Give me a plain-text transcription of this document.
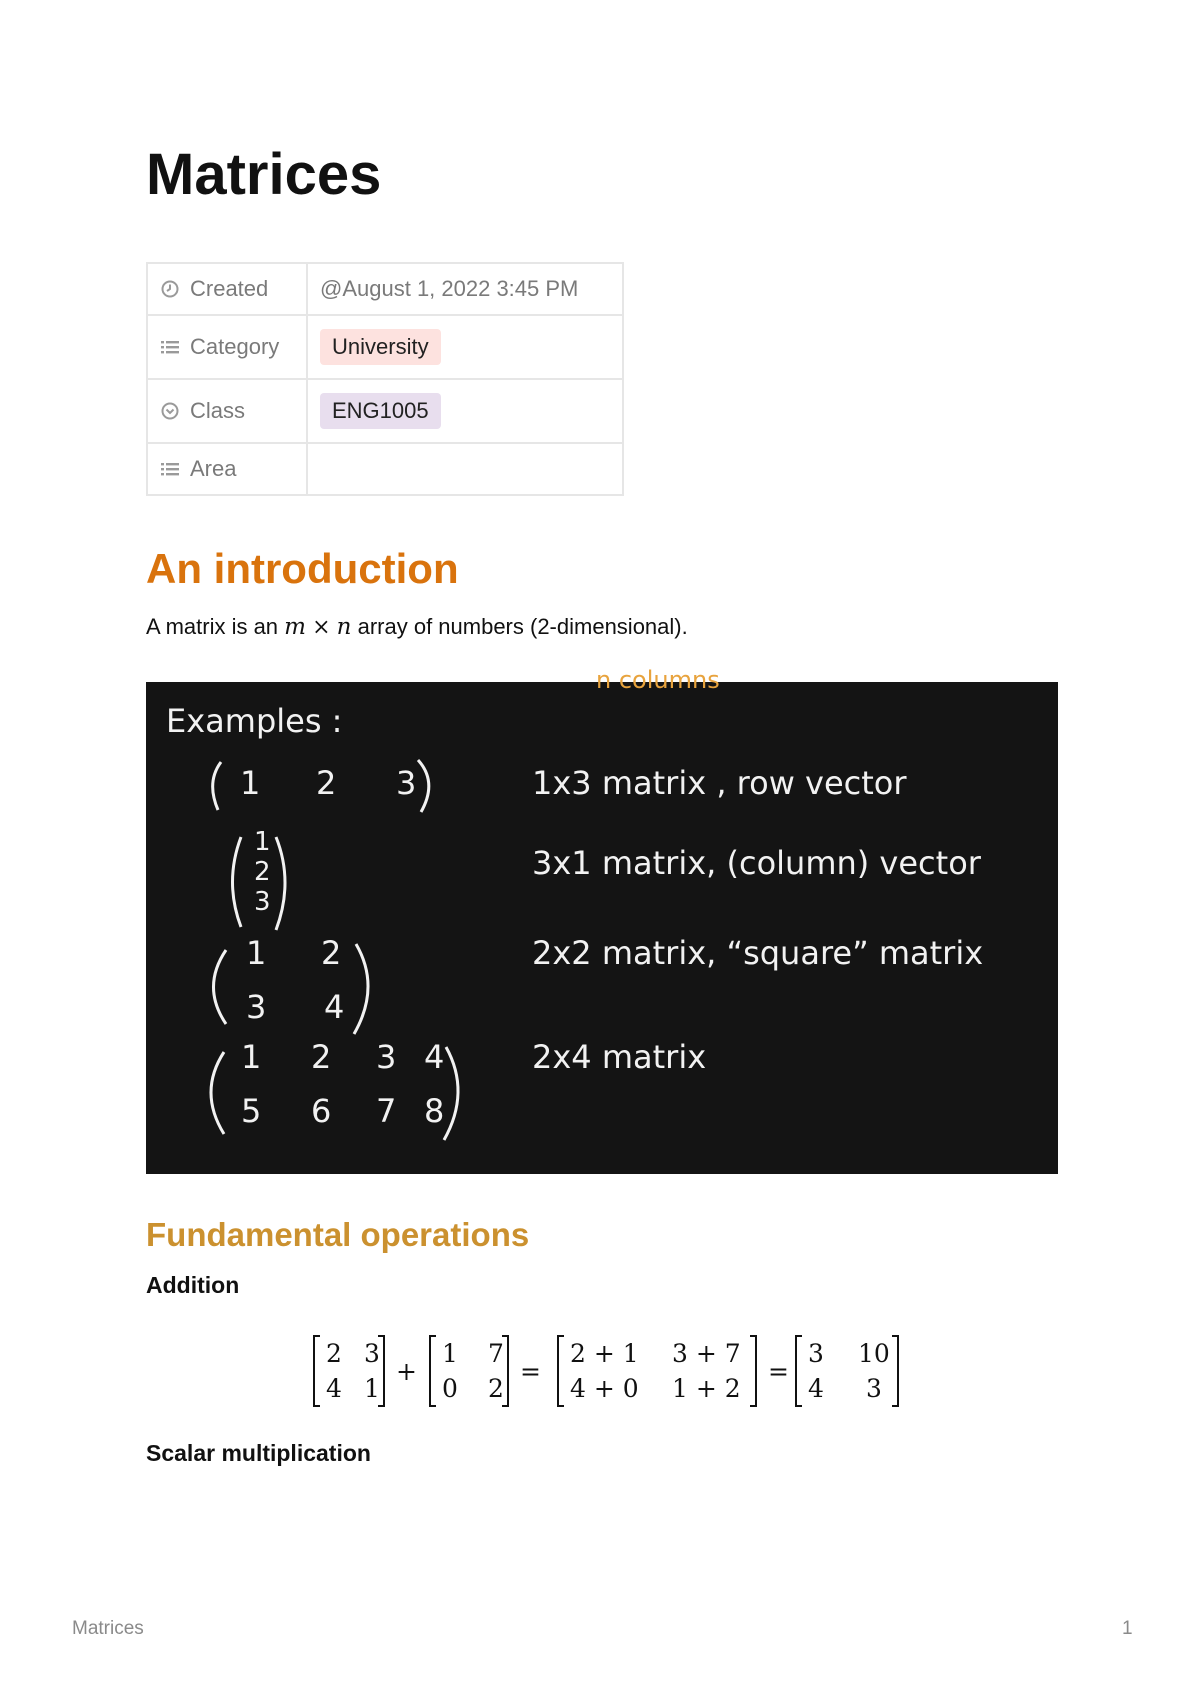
Matrices
Created	@August 1, 2022 3:45 PM
Category	University
Class	ENG1005
Area	
An introduction
A matrix is an m × n array of numbers (2-dimensional).
n columns
Examples :
1 2 3	1x3 matrix , row vector
1
2
3
3x1 matrix, (column) vector
1 2
3 4
2x2 matrix, “square” matrix
1 2 3 4
5 6 7 8
2x4 matrix
Fundamental operations
Addition
2 3
4 1
+
1 7
0 2
=
2 + 1 3 + 7
4 + 0 1 + 2
=
3 10
4 3
Scalar multiplication
Matrices	1
